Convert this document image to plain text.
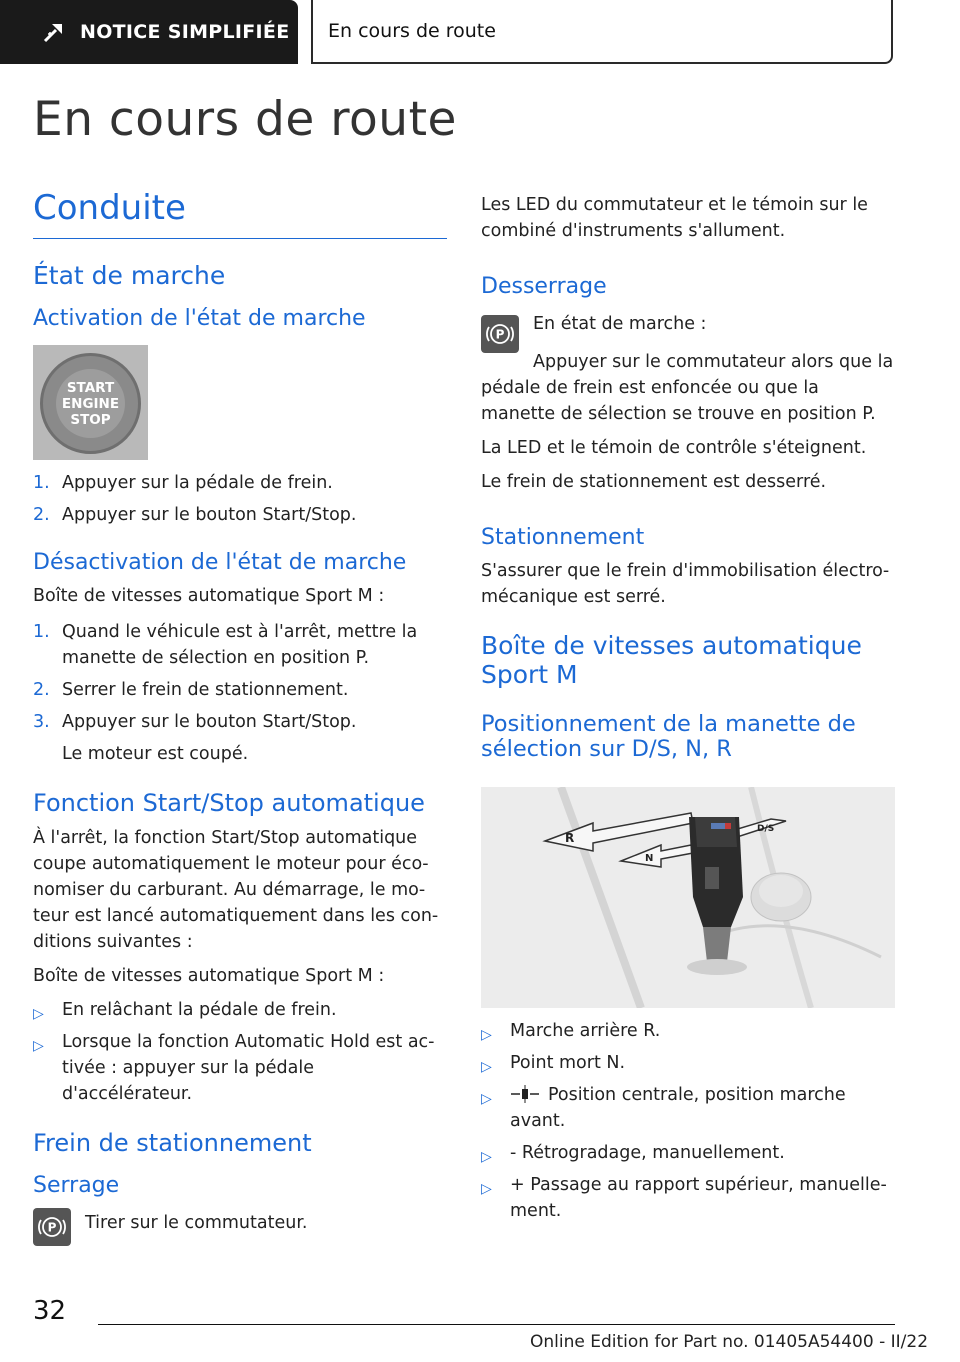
NOTICE SIMPLIFIÉE En cours de route
En cours de route
Conduite
État de marche
Activation de l'état de marche
START
ENGINE
STOP
1. Appuyer sur la pédale de frein.
2. Appuyer sur le bouton Start/Stop.
Désactivation de l'état de marche

Boîte de vitesses automatique Sport M :

1. Quand le véhicule est à l'arrêt, mettre la manette de sélection en position P.
2. Serrer le frein de stationnement.
3. Appuyer sur le bouton Start/Stop.
Le moteur est coupé.
Fonction Start/Stop automatique

À l'arrêt, la fonction Start/Stop automatique coupe automatiquement le moteur pour économiser du carburant. Au démarrage, le moteur est lancé automatiquement dans les conditions suivantes :

Boîte de vitesses automatique Sport M :

▷ En relâchant la pédale de frein.
▷ Lorsque la fonction Automatic Hold est activée : appuyer sur la pédale d'accélérateur.
Frein de stationnement
Serrage
P Tirer sur le commutateur.

Les LED du commutateur et le témoin sur le combiné d'instruments s'allument.

Desserrage
P

En état de marche :

Appuyer sur le commutateur alors que la pédale de frein est enfoncée ou que la manette de sélection se trouve en position P.

La LED et le témoin de contrôle s'éteignent.

Le frein de stationnement est desserré.

Stationnement

S'assurer que le frein d'immobilisation électromécanique est serré.

Boîte de vitesses automatique Sport M
Positionnement de la manette de sélection sur D/S, N, R
R
N
D/S
▷ Marche arrière R.
▷ Point mort N.
▷	Position centrale, position marche avant.
▷ - Rétrogradage, manuellement.
▷ + Passage au rapport supérieur, manuellement.
32
Online Edition for Part no. 01405A54400 - II/22
